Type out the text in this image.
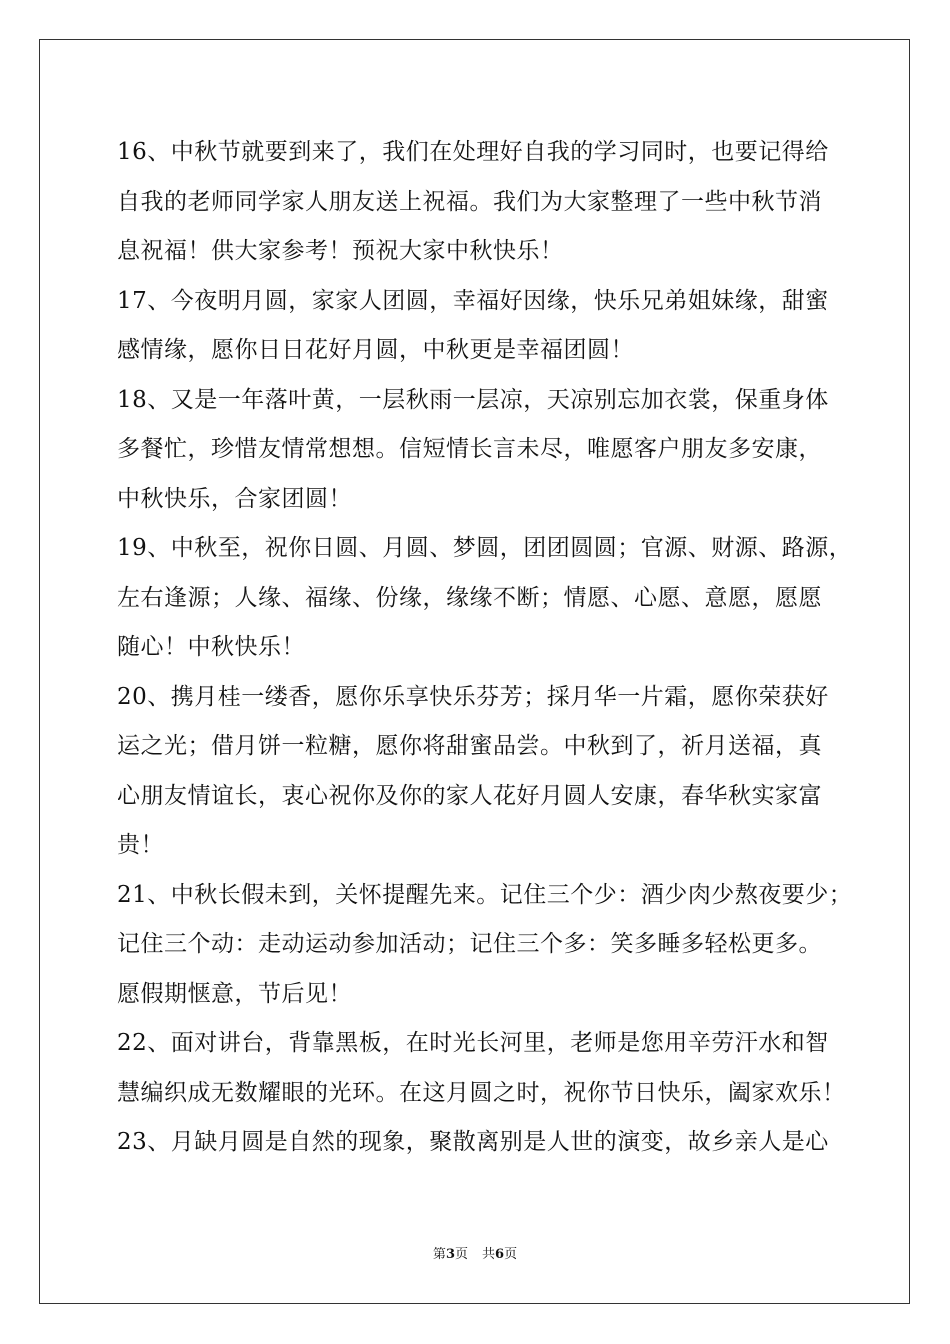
16、中秋节就要到来了，我们在处理好自我的学习同时，也要记得给
自我的老师同学家人朋友送上祝福。我们为大家整理了一些中秋节消
息祝福！供大家参考！预祝大家中秋快乐！
17、今夜明月圆，家家人团圆，幸福好因缘，快乐兄弟姐妹缘，甜蜜
感情缘，愿你日日花好月圆，中秋更是幸福团圆！
18、又是一年落叶黄，一层秋雨一层凉，天凉别忘加衣裳，保重身体
多餐忙，珍惜友情常想想。信短情长言未尽，唯愿客户朋友多安康，
中秋快乐，合家团圆！
19、中秋至，祝你日圆、月圆、梦圆，团团圆圆；官源、财源、路源，
左右逢源；人缘、福缘、份缘，缘缘不断；情愿、心愿、意愿，愿愿
随心！中秋快乐！
20、携月桂一缕香，愿你乐享快乐芬芳；採月华一片霜，愿你荣获好
运之光；借月饼一粒糖，愿你将甜蜜品尝。中秋到了，祈月送福，真
心朋友情谊长，衷心祝你及你的家人花好月圆人安康，春华秋实家富
贵！
21、中秋长假未到，关怀提醒先来。记住三个少：酒少肉少熬夜要少；
记住三个动：走动运动参加活动；记住三个多：笑多睡多轻松更多。
愿假期惬意，节后见！
22、面对讲台，背靠黑板，在时光长河里，老师是您用辛劳汗水和智
慧编织成无数耀眼的光环。在这月圆之时，祝你节日快乐，阖家欢乐！
23、月缺月圆是自然的现象，聚散离别是人世的演变，故乡亲人是心
第3页 共6页
